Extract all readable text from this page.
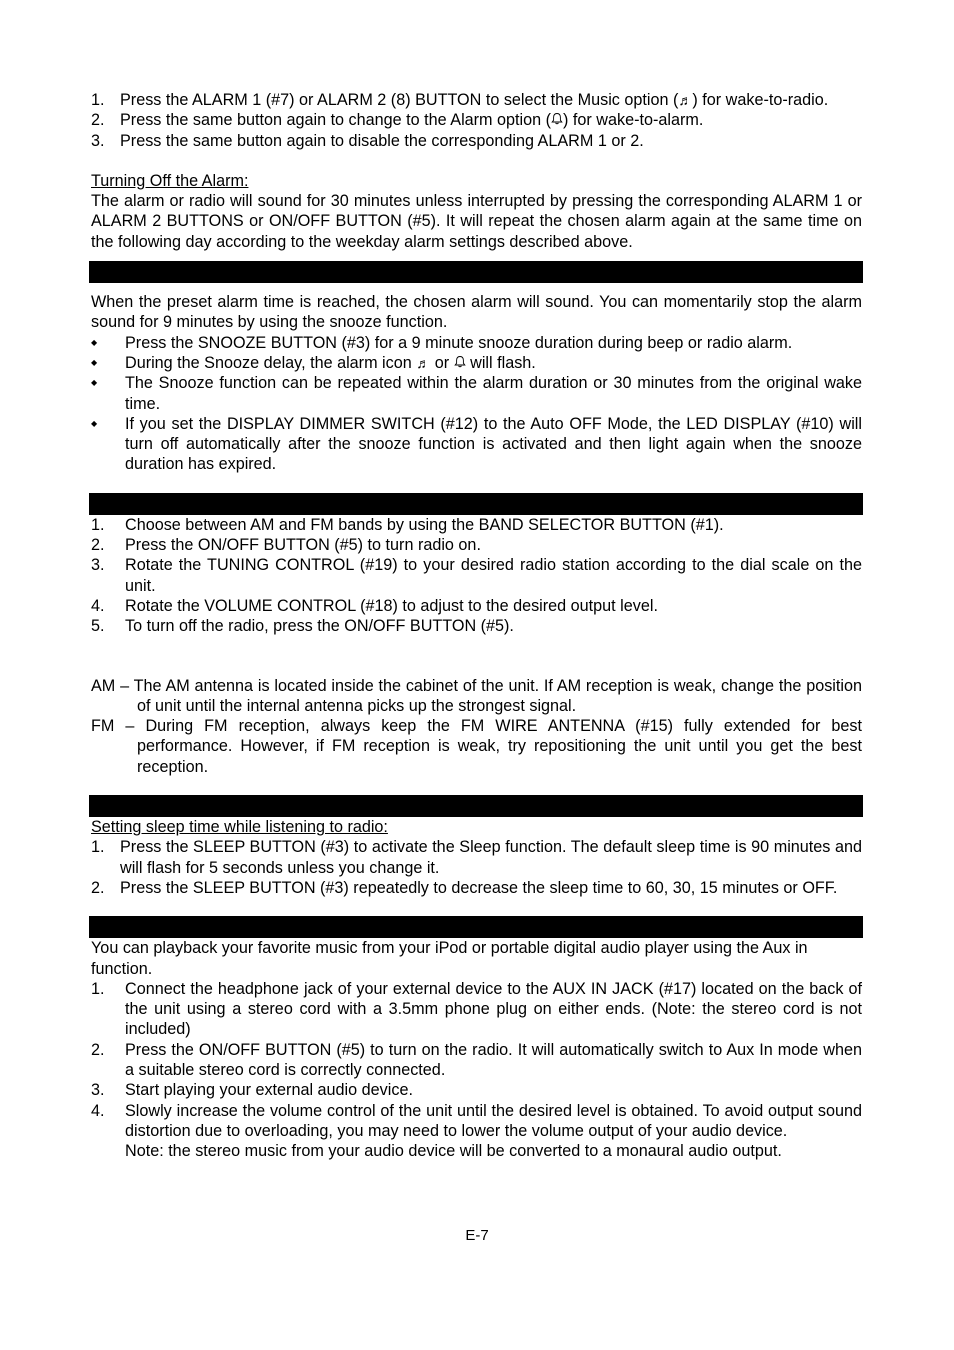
1. Press the ALARM 1 (#7) or ALARM 2 (8) BUTTON to select the Music option (♬) for wake-to-radio.
2. Press the same button again to change to the Alarm option ( ) for wake-to-alarm.
3. Press the same button again to disable the corresponding ALARM 1 or 2.

Turning Off the Alarm:

The alarm or radio will sound for 30 minutes unless interrupted by pressing the corresponding ALARM 1 or ALARM 2 BUTTONS or ON/OFF BUTTON (#5). It will repeat the chosen alarm again at the same time on the following day according to the weekday alarm settings described above.

When the preset alarm time is reached, the chosen alarm will sound. You can momentarily stop the alarm sound for 9 minutes by using the snooze function.

◆	Press the SNOOZE BUTTON (#3) for a 9 minute snooze duration during beep or radio alarm.
◆	During the Snooze delay, the alarm icon ♬ or  will flash.
◆	The Snooze function can be repeated within the alarm duration or 30 minutes from the original wake time.
◆	If you set the DISPLAY DIMMER SWITCH (#12) to the Auto OFF Mode, the LED DISPLAY (#10) will turn off automatically after the snooze function is activated and then light again when the snooze duration has expired.
1.	Choose between AM and FM bands by using the BAND SELECTOR BUTTON (#1).
2.	Press the ON/OFF BUTTON (#5) to turn radio on.
3.	Rotate the TUNING CONTROL (#19) to your desired radio station according to the dial scale on the unit.
4.	Rotate the VOLUME CONTROL (#18) to adjust to the desired output level.
5.	To turn off the radio, press the ON/OFF BUTTON (#5).

AM – The AM antenna is located inside the cabinet of the unit. If AM reception is weak, change the position of unit until the internal antenna picks up the strongest signal.

FM – During FM reception, always keep the FM WIRE ANTENNA (#15) fully extended for best performance. However, if FM reception is weak, try repositioning the unit until you get the best reception.

Setting sleep time while listening to radio:

1. Press the SLEEP BUTTON (#3) to activate the Sleep function. The default sleep time is 90 minutes and will flash for 5 seconds unless you change it.
2. Press the SLEEP BUTTON (#3) repeatedly to decrease the sleep time to 60, 30, 15 minutes or OFF.

You can playback your favorite music from your iPod or portable digital audio player using the Aux in function.

1.	Connect the headphone jack of your external device to the AUX IN JACK (#17) located on the back of the unit using a stereo cord with a 3.5mm phone plug on either ends. (Note: the stereo cord is not included)
2.	Press the ON/OFF BUTTON (#5) to turn on the radio. It will automatically switch to Aux In mode when a suitable stereo cord is correctly connected.
3.	Start playing your external audio device.
4.	Slowly increase the volume control of the unit until the desired level is obtained. To avoid output sound distortion due to overloading, you may need to lower the volume output of your audio device.
Note: the stereo music from your audio device will be converted to a monaural audio output.
E-7
